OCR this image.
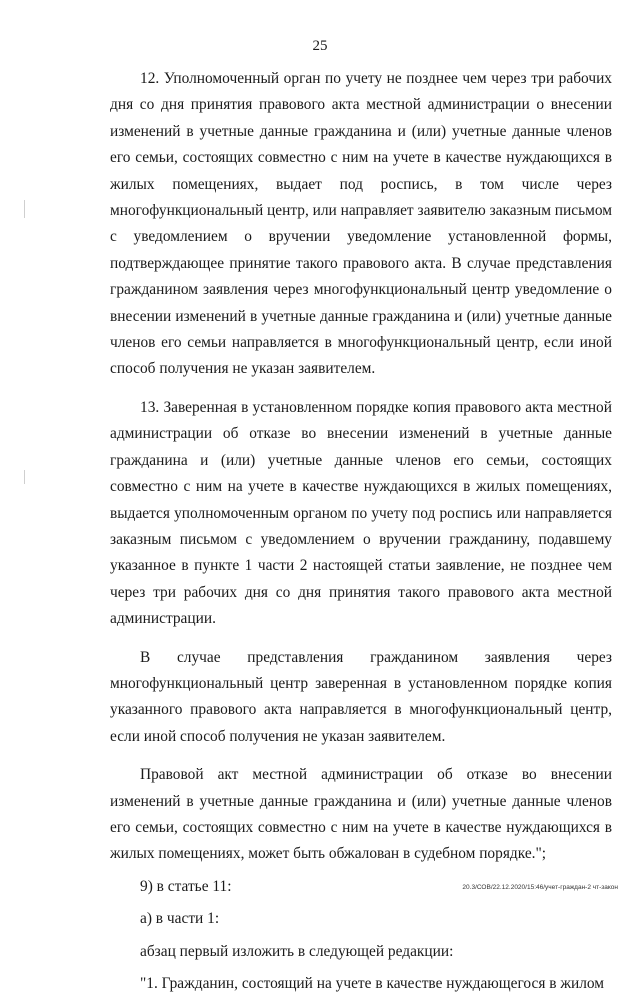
25

12. Уполномоченный орган по учету не позднее чем через три рабочих дня со дня принятия правового акта местной администрации о внесении изменений в учетные данные гражданина и (или) учетные данные членов его семьи, состоящих совместно с ним на учете в качестве нуждающихся в жилых помещениях, выдает под роспись, в том числе через многофункциональный центр, или направляет заявителю заказным письмом с уведомлением о вручении уведомление установленной формы, подтверждающее принятие такого правового акта. В случае представления гражданином заявления через многофункциональный центр уведомление о внесении изменений в учетные данные гражданина и (или) учетные данные членов его семьи направляется в многофункциональный центр, если иной способ получения не указан заявителем.

13. Заверенная в установленном порядке копия правового акта местной администрации об отказе во внесении изменений в учетные данные гражданина и (или) учетные данные членов его семьи, состоящих совместно с ним на учете в качестве нуждающихся в жилых помещениях, выдается уполномоченным органом по учету под роспись или направляется заказным письмом с уведомлением о вручении гражданину, подавшему указанное в пункте 1 части 2 настоящей статьи заявление, не позднее чем через три рабочих дня со дня принятия такого правового акта местной администрации.

В случае представления гражданином заявления через многофункциональный центр заверенная в установленном порядке копия указанного правового акта направляется в многофункциональный центр, если иной способ получения не указан заявителем.

Правовой акт местной администрации об отказе во внесении изменений в учетные данные гражданина и (или) учетные данные членов его семьи, состоящих совместно с ним на учете в качестве нуждающихся в жилых помещениях, может быть обжалован в судебном порядке.";

9) в статье 11:

а) в части 1:

абзац первый изложить в следующей редакции:

"1. Гражданин, состоящий на учете в качестве нуждающегося в жилом

20.3/СОВ/22.12.2020/15:46/учет-граждан-2 чт-закон
